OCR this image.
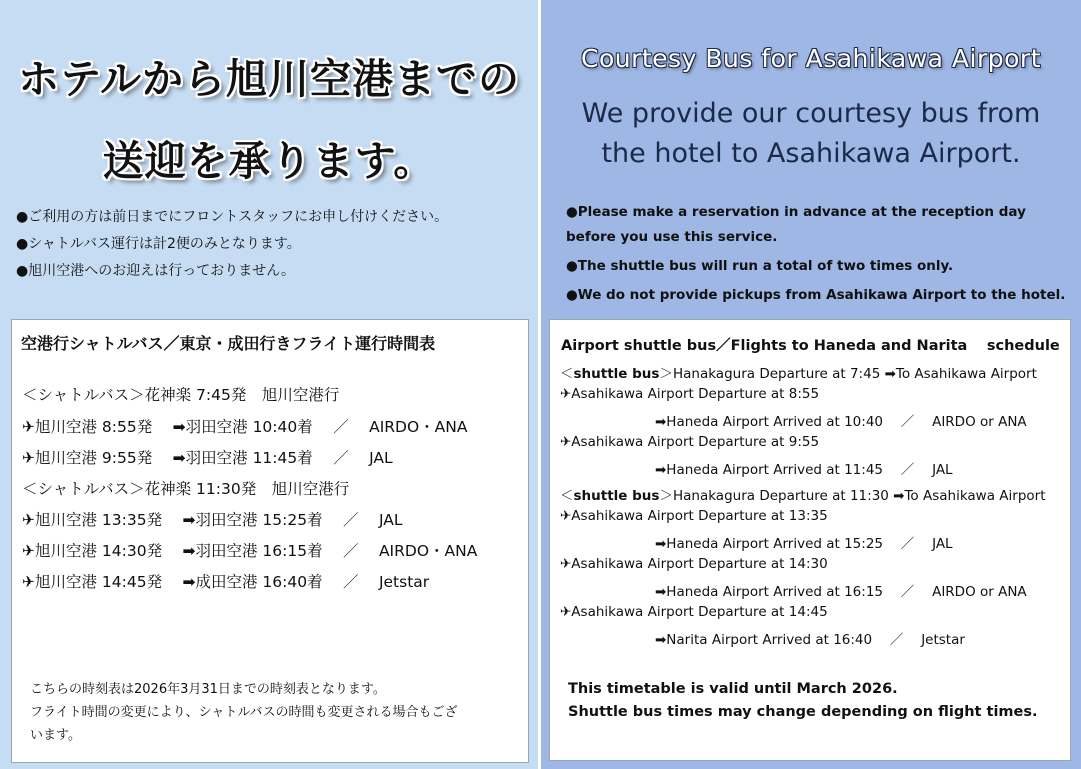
ホテルから旭川空港までの
送迎を承ります。
Courtesy Bus for Asahikawa Airport
We provide our courtesy bus from
the hotel to Asahikawa Airport.
●ご利用の方は前日までにフロントスタッフにお申し付けください。
●シャトルバス運行は計2便のみとなります。
●旭川空港へのお迎えは行っておりません。
●Please make a reservation in advance at the reception day before you use this service.
●The shuttle bus will run a total of two times only.
●We do not provide pickups from Asahikawa Airport to the hotel.
空港行シャトルバス／東京・成田行きフライト運行時間表
＜シャトルバス＞花神楽 7:45発　旭川空港行
✈旭川空港 8:55発　 ➡羽田空港 10:40着　 ／　 AIRDO・ANA
✈旭川空港 9:55発　 ➡羽田空港 11:45着　 ／　 JAL
＜シャトルバス＞花神楽 11:30発　旭川空港行
✈旭川空港 13:35発　 ➡羽田空港 15:25着　 ／　 JAL
✈旭川空港 14:30発　 ➡羽田空港 16:15着　 ／　 AIRDO・ANA
✈旭川空港 14:45発　 ➡成田空港 16:40着　 ／　 Jetstar
こちらの時刻表は2026年3月31日までの時刻表となります。
フライト時間の変更により、シャトルバスの時間も変更される場合もござ
います。
Airport shuttle bus／Flights to Haneda and Narita　 schedule
＜shuttle bus＞Hanakagura Departure at 7:45 ➡To Asahikawa Airport
✈Asahikawa Airport Departure at 8:55
➡Haneda Airport Arrived at 10:40　 ／　 AIRDO or ANA
✈Asahikawa Airport Departure at 9:55
➡Haneda Airport Arrived at 11:45　 ／　 JAL
＜shuttle bus＞Hanakagura Departure at 11:30 ➡To Asahikawa Airport
✈Asahikawa Airport Departure at 13:35
➡Haneda Airport Arrived at 15:25　 ／　 JAL
✈Asahikawa Airport Departure at 14:30
➡Haneda Airport Arrived at 16:15　 ／　 AIRDO or ANA
✈Asahikawa Airport Departure at 14:45
➡Narita Airport Arrived at 16:40　 ／　 Jetstar
This timetable is valid until March 2026.
Shuttle bus times may change depending on flight times.
